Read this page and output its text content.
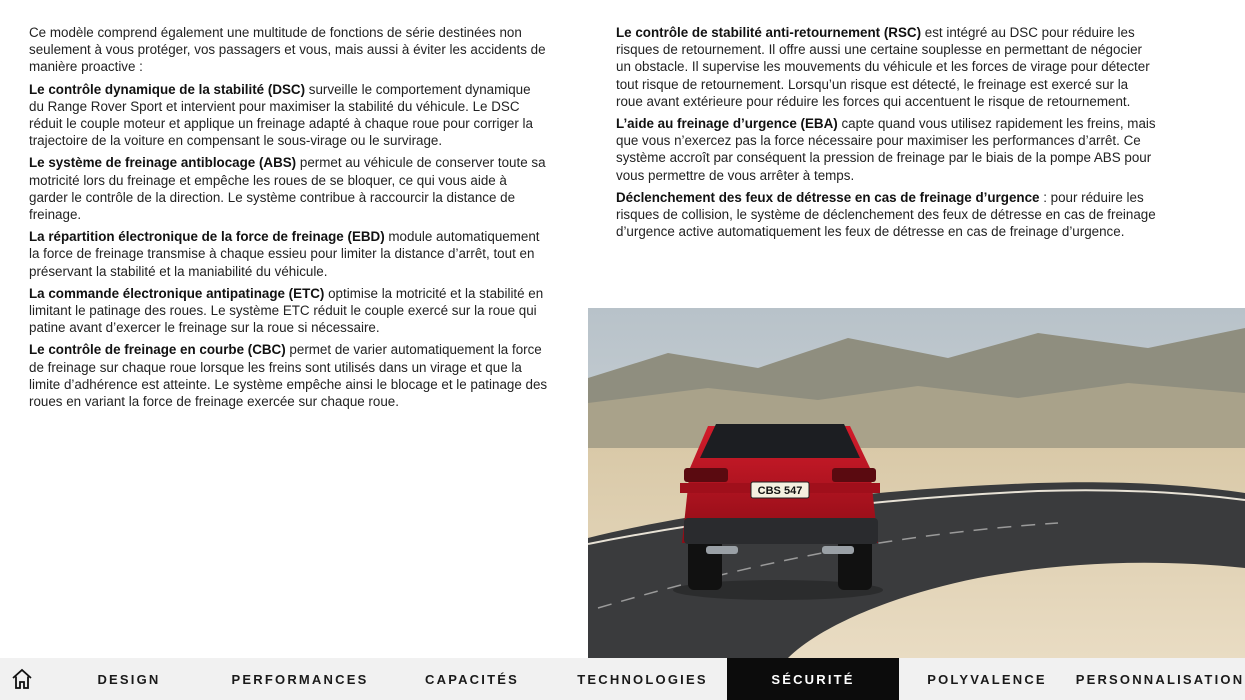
Ce modèle comprend également une multitude de fonctions de série destinées non seulement à vous protéger, vos passagers et vous, mais aussi à éviter les accidents de manière proactive :

Le contrôle dynamique de la stabilité (DSC) surveille le comportement dynamique du Range Rover Sport et intervient pour maximiser la stabilité du véhicule. Le DSC réduit le couple moteur et applique un freinage adapté à chaque roue pour corriger la trajectoire de la voiture en compensant le sous-virage ou le survirage.

Le système de freinage antiblocage (ABS) permet au véhicule de conserver toute sa motricité lors du freinage et empêche les roues de se bloquer, ce qui vous aide à garder le contrôle de la direction. Le système contribue à raccourcir la distance de freinage.

La répartition électronique de la force de freinage (EBD) module automatiquement la force de freinage transmise à chaque essieu pour limiter la distance d’arrêt, tout en préservant la stabilité et la maniabilité du véhicule.

La commande électronique antipatinage (ETC) optimise la motricité et la stabilité en limitant le patinage des roues. Le système ETC réduit le couple exercé sur la roue qui patine avant d’exercer le freinage sur la roue si nécessaire.

Le contrôle de freinage en courbe (CBC) permet de varier automatiquement la force de freinage sur chaque roue lorsque les freins sont utilisés dans un virage et que la limite d’adhérence est atteinte. Le système empêche ainsi le blocage et le patinage des roues en variant la force de freinage exercée sur chaque roue.

Le contrôle de stabilité anti-retournement (RSC) est intégré au DSC pour réduire les risques de retournement. Il offre aussi une certaine souplesse en permettant de négocier un obstacle. Il supervise les mouvements du véhicule et les forces de virage pour détecter tout risque de retournement. Lorsqu’un risque est détecté, le freinage est exercé sur la roue avant extérieure pour réduire les forces qui accentuent le risque de retournement.

L’aide au freinage d’urgence (EBA) capte quand vous utilisez rapidement les freins, mais que vous n’exercez pas la force nécessaire pour maximiser les performances d’arrêt. Ce système accroît par conséquent la pression de freinage par le biais de la pompe ABS pour vous permettre de vous arrêter à temps.

Déclenchement des feux de détresse en cas de freinage d’urgence : pour réduire les risques de collision, le système de déclenchement des feux de détresse en cas de freinage d’urgence active automatiquement les feux de détresse en cas de freinage d’urgence.

CBS 547
DESIGN	PERFORMANCES	CAPACITÉS	TECHNOLOGIES	SÉCURITÉ	POLYVALENCE	PERSONNALISATION
